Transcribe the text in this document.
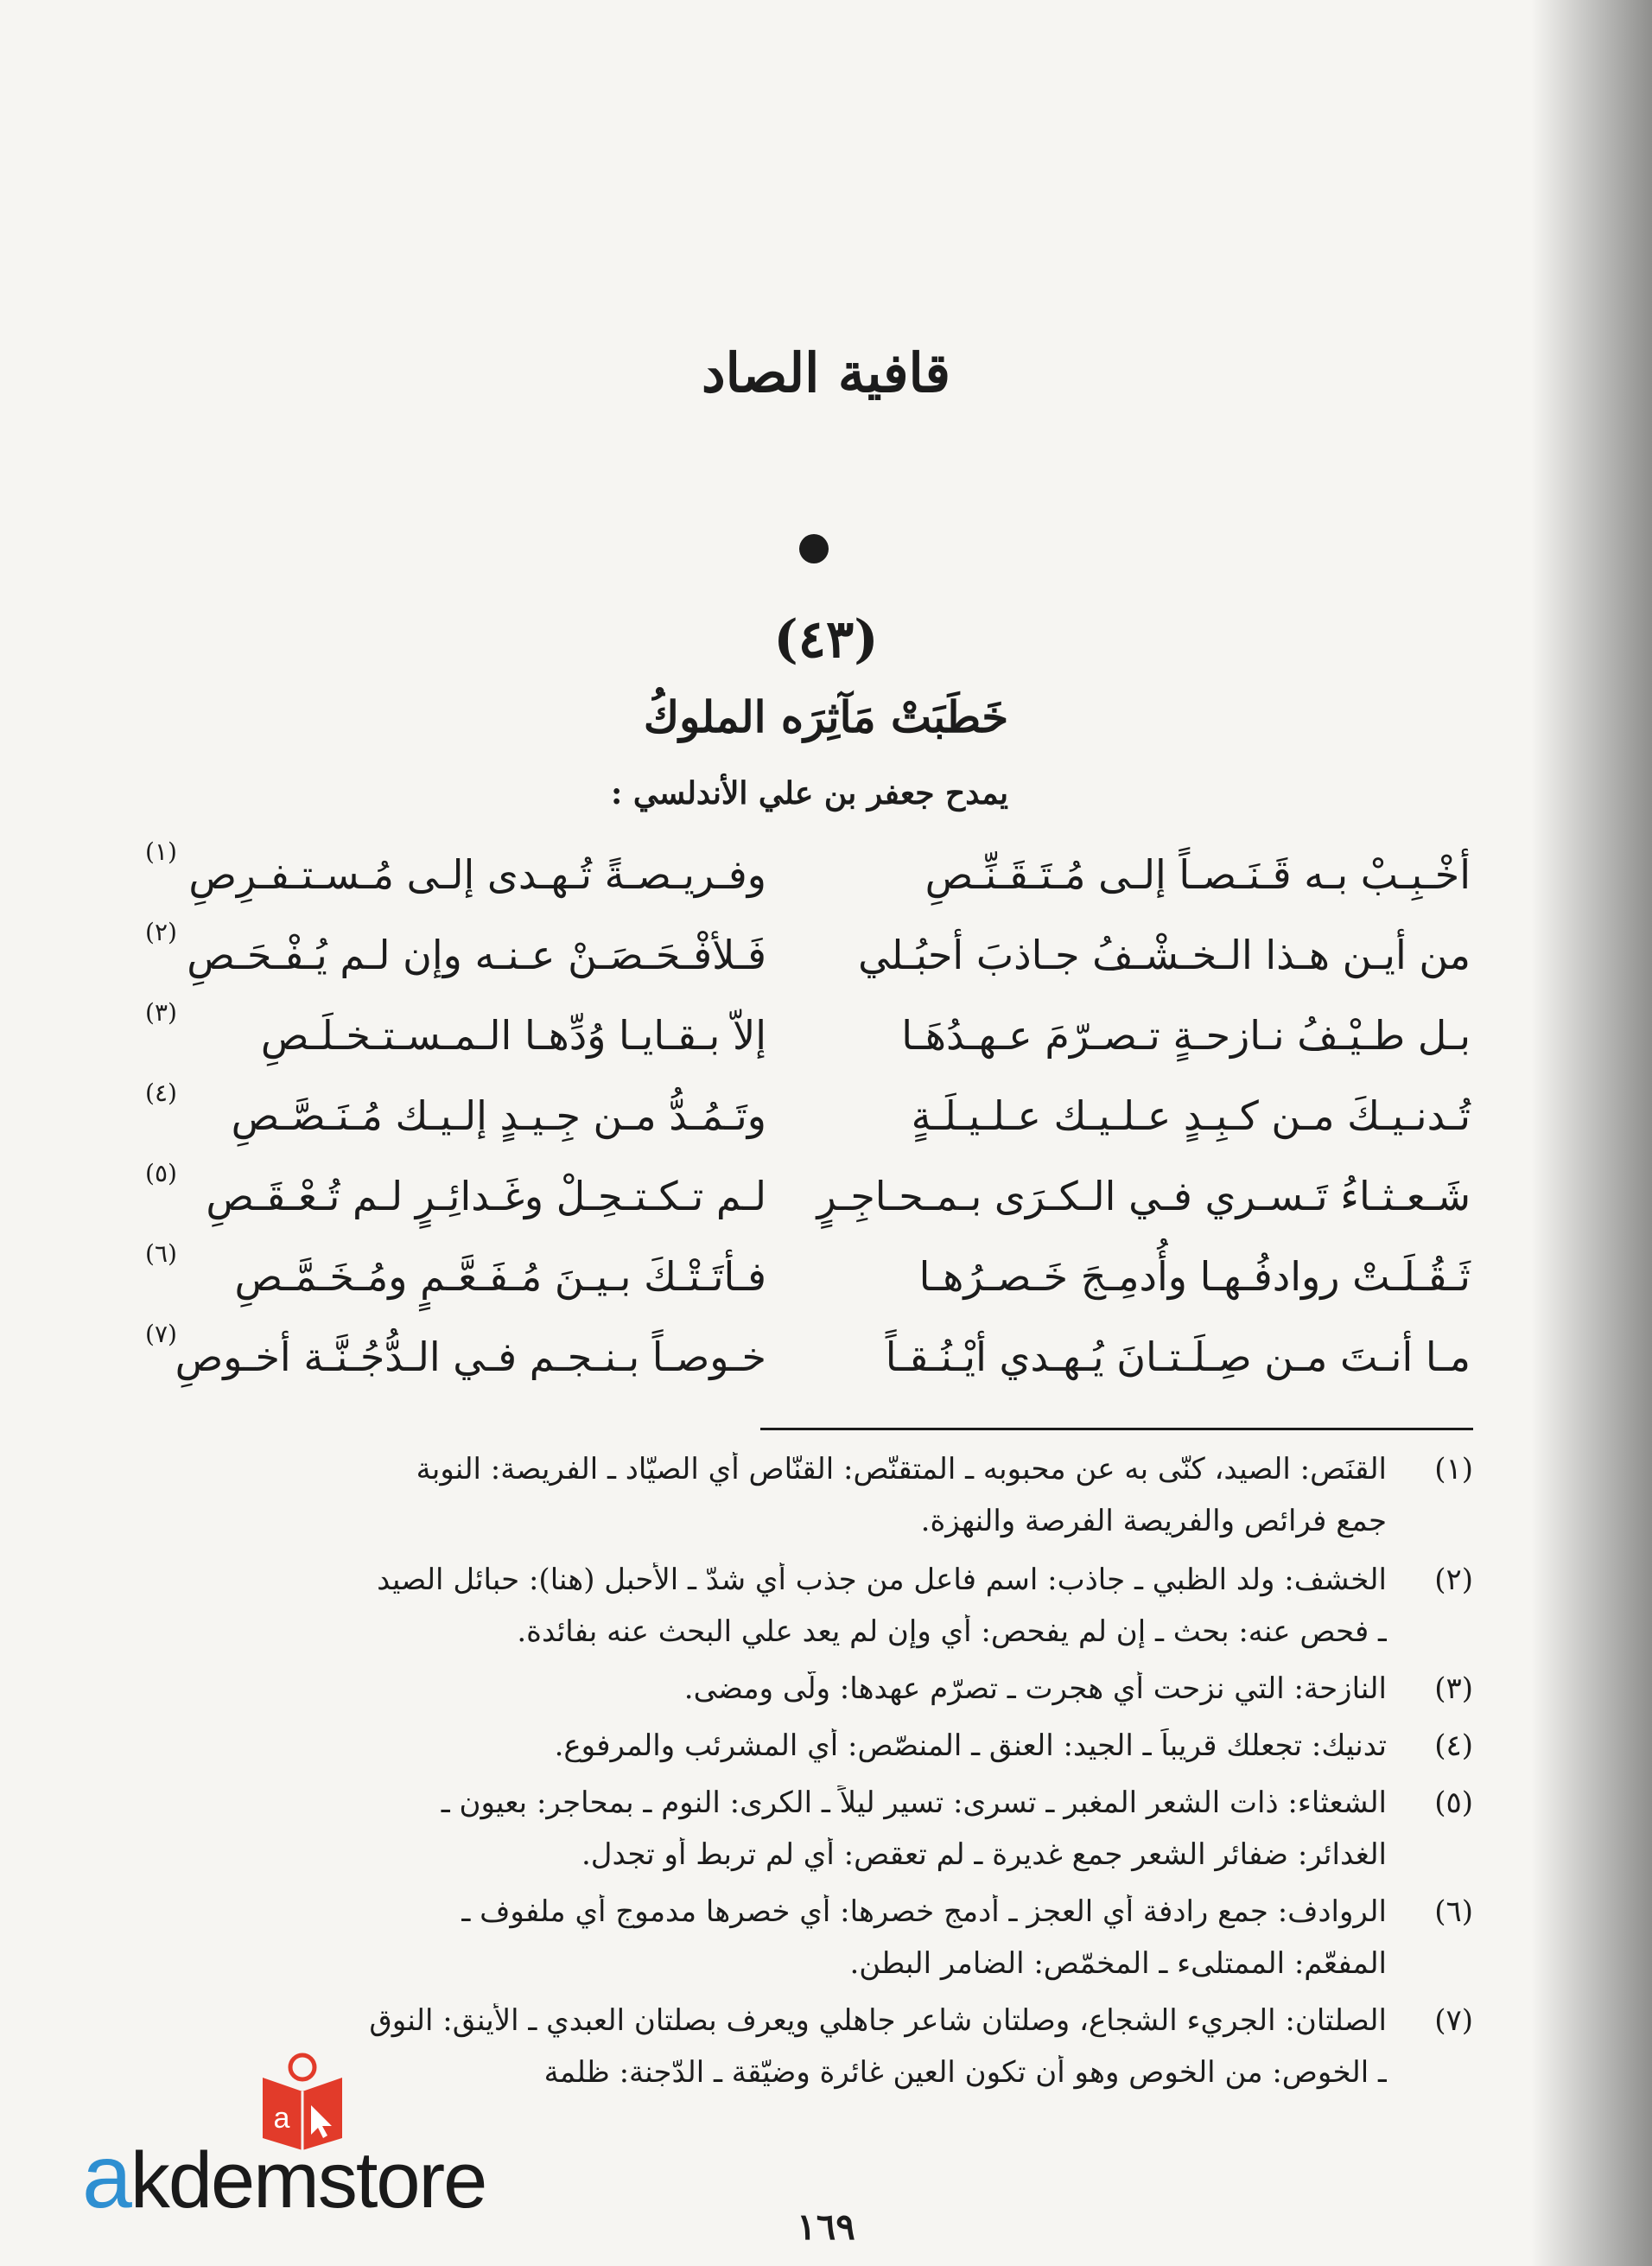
قافية الصاد
(٤٣)
خَطَبَتْ مَآثِرَه الملوكُ
يمدح جعفر بن علي الأندلسي :
أخْـبِـبْ بـه قَـنَـصـاً إلـى مُـتَـقَـنِّـصِ
وفـريـصـةً تُـهـدى إلـى مُـسـتـفـرِصِ
(١)
من أيـن هـذا الـخـشْـفُ جـاذبَ أحبُـلي
فَـلأفْـحَـصَـنْ عـنـه وإن لـم يُـفْـحَـصِ
(٢)
بـل طـيْـفُ نـازحـةٍ تـصـرّمَ عـهـدُهَـا
إلاّ بـقـايـا وُدِّهـا الـمـسـتـخـلَـصِ
(٣)
تُـدنـيـكَ مـن كـبِـدٍ عـلـيـك عـلـيـلَـةٍ
وتَـمُـدُّ مـن جِـيـدٍ إلـيـك مُـنَـصَّـصِ
(٤)
شَـعـثـاءُ تَـسـري فـي الـكـرَى بـمـحـاجِـرٍ
لـم تـكـتـحِـلْ وغَـدائِـرٍ لـم تُـعْـقَـصِ
(٥)
ثَـقُـلَـتْ روادفُـهـا وأُدمِـجَ خَـصـرُهـا
فـأتَـتْـكَ بـيـنَ مُـفَـعَّـمٍ ومُـخَـمَّـصِ
(٦)
مـا أنـتَ مـن صِـلَـتـانَ يُـهـدي أيْـنُـقـاً
خـوصـاً بـنـجـم فـي الـدُّجُـنَّـة أخـوصِ
(٧)
(١)القنَص: الصيد، كنّى به عن محبوبه ـ المتقنّص: القنّاص أي الصيّاد ـ الفريصة: النوبة
جمع فرائص والفريصة الفرصة والنهزة.
(٢)الخشف: ولد الظبي ـ جاذب: اسم فاعل من جذب أي شدّ ـ الأحبل (هنا): حبائل الصيد
ـ فحص عنه: بحث ـ إن لم يفحص: أي وإن لم يعد علي البحث عنه بفائدة.
(٣)النازحة: التي نزحت أي هجرت ـ تصرّم عهدها: ولّى ومضى.
(٤)تدنيك: تجعلك قريباً ـ الجيد: العنق ـ المنصّص: أي المشرئب والمرفوع.
(٥)الشعثاء: ذات الشعر المغبر ـ تسرى: تسير ليلاً ـ الكرى: النوم ـ بمحاجر: بعيون ـ
الغدائر: ضفائر الشعر جمع غديرة ـ لم تعقص: أي لم تربط أو تجدل.
(٦)الروادف: جمع رادفة أي العجز ـ أدمج خصرها: أي خصرها مدموج أي ملفوف ـ
المفعّم: الممتلىء ـ المخمّص: الضامر البطن.
(٧)الصلتان: الجريء الشجاع، وصلتان شاعر جاهلي ويعرف بصلتان العبدي ـ الأينق: النوق
ـ الخوص: من الخوص وهو أن تكون العين غائرة وضيّقة ـ الدّجنة: ظلمة
١٦٩
a
akdemstore
